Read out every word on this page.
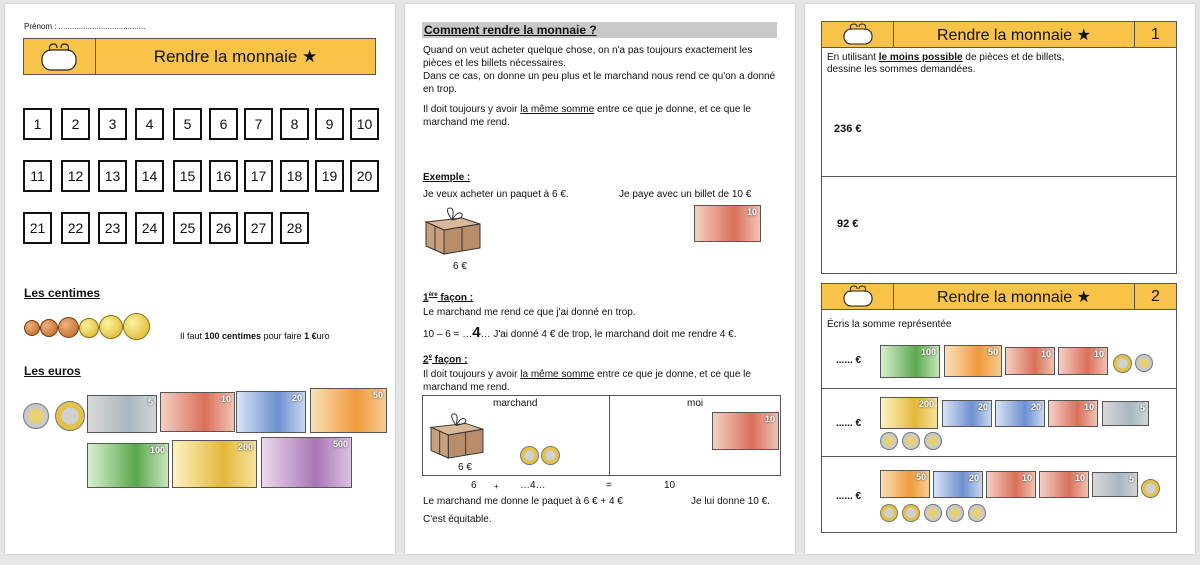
Prénom : .......................................
Rendre la monnaie ★
1	2	3	4	5	6	7	8	9	10
11	12	13	14	15	16	17	18	19	20
21	22	23	24	25	26	27	28
Les centimes
Il faut 100 centimes pour faire 1 €uro
Les euros
5	10	20	50
100	200	500
Comment rendre la monnaie ?
Quand on veut acheter quelque chose, on n'a pas toujours exactement les pièces et les billets nécessaires.
Dans ce cas, on donne un peu plus et le marchand nous rend ce qu'on a donné en trop.
Il doit toujours y avoir la même somme entre ce que je donne, et ce que le marchand me rend.
Exemple :
Je veux acheter un paquet à 6 €.	Je paye avec un billet de 10 €
6 €
10
1ère façon :
Le marchand me rend ce que j'ai donné en trop.
10 – 6 = …4… J'ai donné 4 € de trop, le marchand doit me rendre 4 €.
2e façon :
Il doit toujours y avoir la même somme entre ce que je donne, et ce que le marchand me rend.
marchand	moi
6 €
10
6 + …4…	=	10
Le marchand me donne le paquet à 6 € + 4 €	Je lui donne 10 €.
C'est équitable.
Rendre la monnaie ★	1
En utilisant le moins possible de pièces et de billets,
dessine les sommes demandées.
236 €
92 €
Rendre la monnaie ★	2
Écris la somme représentée
...... €
100	50	10	10
...... €
200	20	20	10	5
...... €
50	20	10	10	5
